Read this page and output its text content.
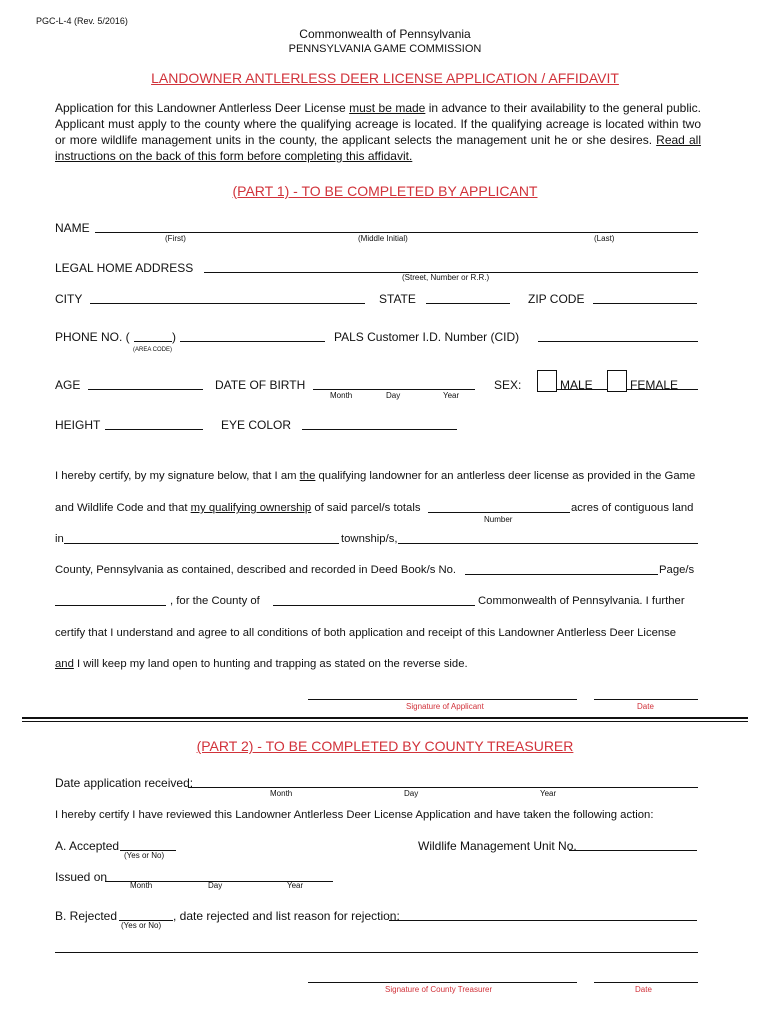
PGC-L-4 (Rev. 5/2016)
Commonwealth of Pennsylvania
PENNSYLVANIA GAME COMMISSION
LANDOWNER ANTLERLESS DEER LICENSE APPLICATION / AFFIDAVIT
Application for this Landowner Antlerless Deer License must be made in advance to their availability to the general public. Applicant must apply to the county where the qualifying acreage is located. If the qualifying acreage is located within two or more wildlife management units in the county, the applicant selects the management unit he or she desires. Read all instructions on the back of this form before completing this affidavit.
(PART 1) - TO BE COMPLETED BY APPLICANT
NAME
(First)	(Middle Initial)	(Last)
LEGAL HOME ADDRESS
(Street, Number or R.R.)
CITY	STATE	ZIP CODE
PHONE NO. (	)
(AREA CODE)
PALS Customer I.D. Number (CID)
AGE	DATE OF BIRTH
Month	Day	Year
SEX:	MALE	FEMALE
HEIGHT	EYE COLOR
I hereby certify, by my signature below, that I am the qualifying landowner for an antlerless deer license as provided in the Game
and Wildlife Code and that my qualifying ownership of said parcel/s totals	acres of contiguous land
Number
in	township/s,
County, Pennsylvania as contained, described and recorded in Deed Book/s No.	Page/s
, for the County of	Commonwealth of Pennsylvania. I further
certify that I understand and agree to all conditions of both application and receipt of this Landowner Antlerless Deer License
and I will keep my land open to hunting and trapping as stated on the reverse side.
Signature of Applicant	Date
(PART 2) - TO BE COMPLETED BY COUNTY TREASURER
Date application received:
Month	Day	Year
I hereby certify I have reviewed this Landowner Antlerless Deer License Application and have taken the following action:
A. Accepted
(Yes or No)
Wildlife Management Unit No.
Issued on
Month	Day	Year
B. Rejected	, date rejected and list reason for rejection:
(Yes or No)
Signature of County Treasurer	Date
